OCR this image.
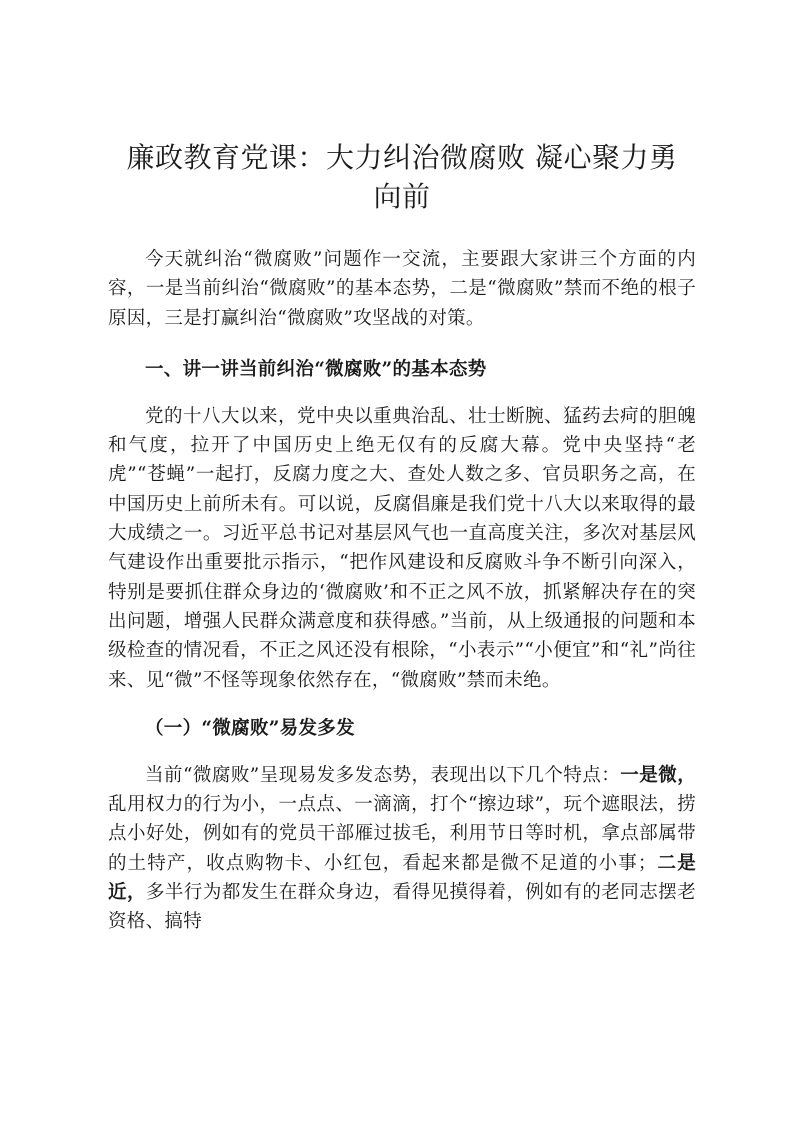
廉政教育党课：大力纠治微腐败 凝心聚力勇向前

今天就纠治“微腐败”问题作一交流，主要跟大家讲三个方面的内容，一是当前纠治“微腐败”的基本态势，二是“微腐败”禁而不绝的根子原因，三是打赢纠治“微腐败”攻坚战的对策。

一、讲一讲当前纠治“微腐败”的基本态势

党的十八大以来，党中央以重典治乱、壮士断腕、猛药去疴的胆魄和气度，拉开了中国历史上绝无仅有的反腐大幕。党中央坚持“老虎”“苍蝇”一起打，反腐力度之大、查处人数之多、官员职务之高，在中国历史上前所未有。可以说，反腐倡廉是我们党十八大以来取得的最大成绩之一。习近平总书记对基层风气也一直高度关注，多次对基层风气建设作出重要批示指示，“把作风建设和反腐败斗争不断引向深入，特别是要抓住群众身边的‘微腐败’和不正之风不放，抓紧解决存在的突出问题，增强人民群众满意度和获得感。”当前，从上级通报的问题和本级检查的情况看，不正之风还没有根除，“小表示”“小便宜”和“礼”尚往来、见“微”不怪等现象依然存在，“微腐败”禁而未绝。

（一）“微腐败”易发多发

当前“微腐败”呈现易发多发态势，表现出以下几个特点：一是微，乱用权力的行为小，一点点、一滴滴，打个“擦边球”，玩个遮眼法，捞点小好处，例如有的党员干部雁过拔毛，利用节日等时机，拿点部属带的土特产，收点购物卡、小红包，看起来都是微不足道的小事；二是近，多半行为都发生在群众身边，看得见摸得着，例如有的老同志摆老资格、搞特
